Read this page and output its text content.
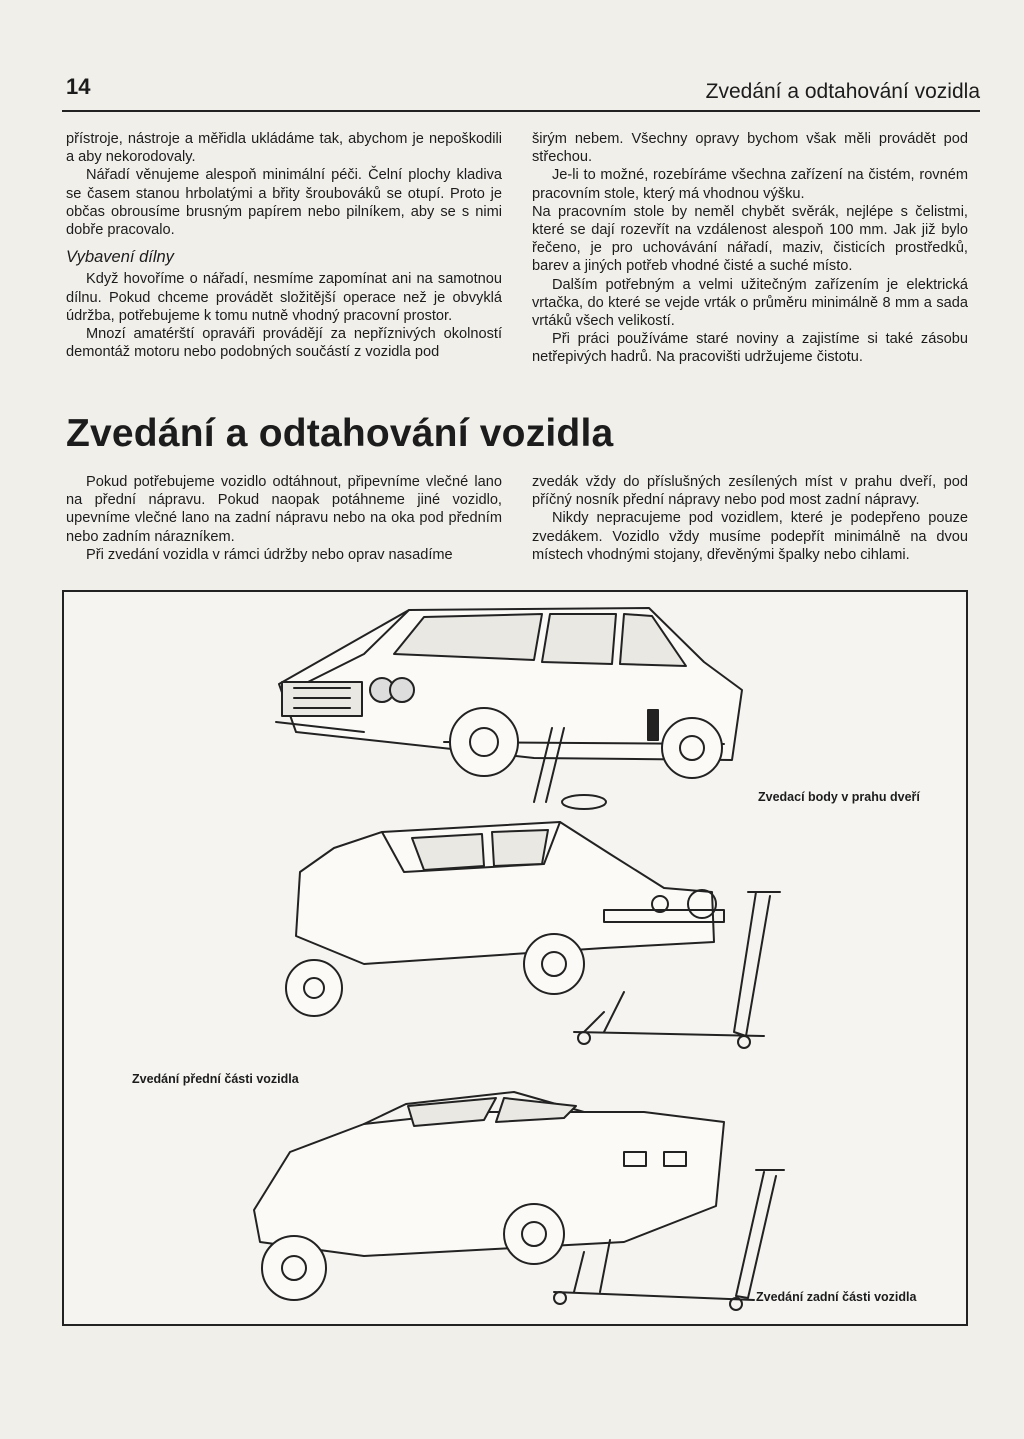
14	Zvedání a odtahování vozidla

přístroje, nástroje a měřidla ukládáme tak, abychom je nepoškodili a aby nekorodovaly.

Nářadí věnujeme alespoň minimální péči. Čelní plochy kladiva se časem stanou hrbolatými a břity šroubováků se otupí. Proto je občas obrousíme brusným papírem nebo pilníkem, aby se s nimi dobře pracovalo.

Vybavení dílny

Když hovoříme o nářadí, nesmíme zapomínat ani na samotnou dílnu. Pokud chceme provádět složitější operace než je obvyklá údržba, potřebujeme k tomu nutně vhodný pracovní prostor.

Mnozí amatérští opraváři provádějí za nepříznivých okolností demontáž motoru nebo podobných součástí z vozidla pod

širým nebem. Všechny opravy bychom však měli provádět pod střechou.

Je-li to možné, rozebíráme všechna zařízení na čistém, rovném pracovním stole, který má vhodnou výšku.

Na pracovním stole by neměl chybět svěrák, nejlépe s čelistmi, které se dají rozevřít na vzdálenost alespoň 100 mm. Jak již bylo řečeno, je pro uchovávání nářadí, maziv, čisticích prostředků, barev a jiných potřeb vhodné čisté a suché místo.

Dalším potřebným a velmi užitečným zařízením je elektrická vrtačka, do které se vejde vrták o průměru minimálně 8 mm a sada vrtáků všech velikostí.

Při práci používáme staré noviny a zajistíme si také zásobu netřepivých hadrů. Na pracovišti udržujeme čistotu.

Zvedání a odtahování vozidla

Pokud potřebujeme vozidlo odtáhnout, připevníme vlečné lano na přední nápravu. Pokud naopak potáhneme jiné vozidlo, upevníme vlečné lano na zadní nápravu nebo na oka pod předním nebo zadním nárazníkem.

Při zvedání vozidla v rámci údržby nebo oprav nasadíme

zvedák vždy do příslušných zesílených míst v prahu dveří, pod příčný nosník přední nápravy nebo pod most zadní nápravy.

Nikdy nepracujeme pod vozidlem, které je podepřeno pouze zvedákem. Vozidlo vždy musíme podepřít minimálně na dvou místech vhodnými stojany, dřevěnými špalky nebo cihlami.

Zvedací body v prahu dveří
Zvedání přední části vozidla
Zvedání zadní části vozidla
